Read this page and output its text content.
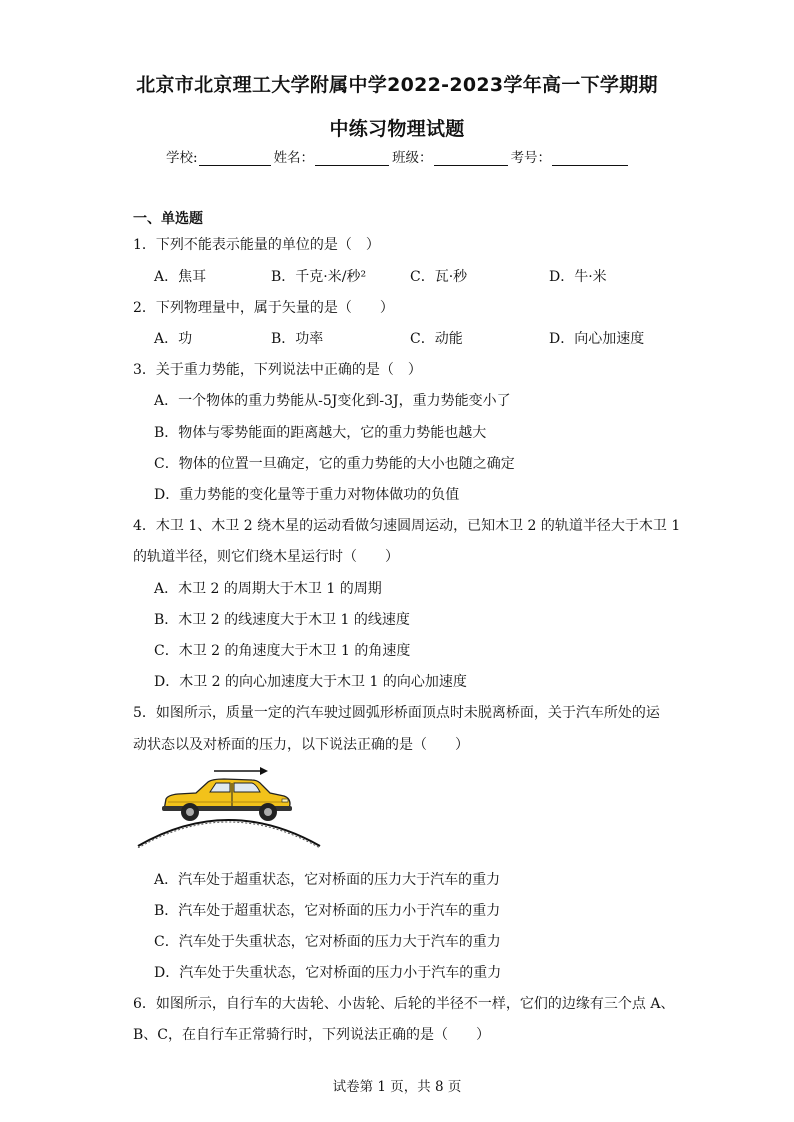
北京市北京理工大学附属中学2022-2023学年高一下学期期
中练习物理试题
学校:	姓名：	班级：	考号：
一、单选题
1．下列不能表示能量的单位的是（　）
A．焦耳	B．千克·米/秒²	C．瓦·秒	D．牛·米
2．下列物理量中，属于矢量的是（　　）
A．功	B．功率	C．动能	D．向心加速度
3．关于重力势能，下列说法中正确的是（　）
A．一个物体的重力势能从-5J变化到-3J，重力势能变小了
B．物体与零势能面的距离越大，它的重力势能也越大
C．物体的位置一旦确定，它的重力势能的大小也随之确定
D．重力势能的变化量等于重力对物体做功的负值
4．木卫 1、木卫 2 绕木星的运动看做匀速圆周运动，已知木卫 2 的轨道半径大于木卫 1
的轨道半径，则它们绕木星运行时（　　）
A．木卫 2 的周期大于木卫 1 的周期
B．木卫 2 的线速度大于木卫 1 的线速度
C．木卫 2 的角速度大于木卫 1 的角速度
D．木卫 2 的向心加速度大于木卫 1 的向心加速度
5．如图所示，质量一定的汽车驶过圆弧形桥面顶点时未脱离桥面，关于汽车所处的运
动状态以及对桥面的压力，以下说法正确的是（　　）
A．汽车处于超重状态，它对桥面的压力大于汽车的重力
B．汽车处于超重状态，它对桥面的压力小于汽车的重力
C．汽车处于失重状态，它对桥面的压力大于汽车的重力
D．汽车处于失重状态，它对桥面的压力小于汽车的重力
6．如图所示，自行车的大齿轮、小齿轮、后轮的半径不一样，它们的边缘有三个点 A、
B、C，在自行车正常骑行时，下列说法正确的是（　　）
试卷第 1 页，共 8 页
